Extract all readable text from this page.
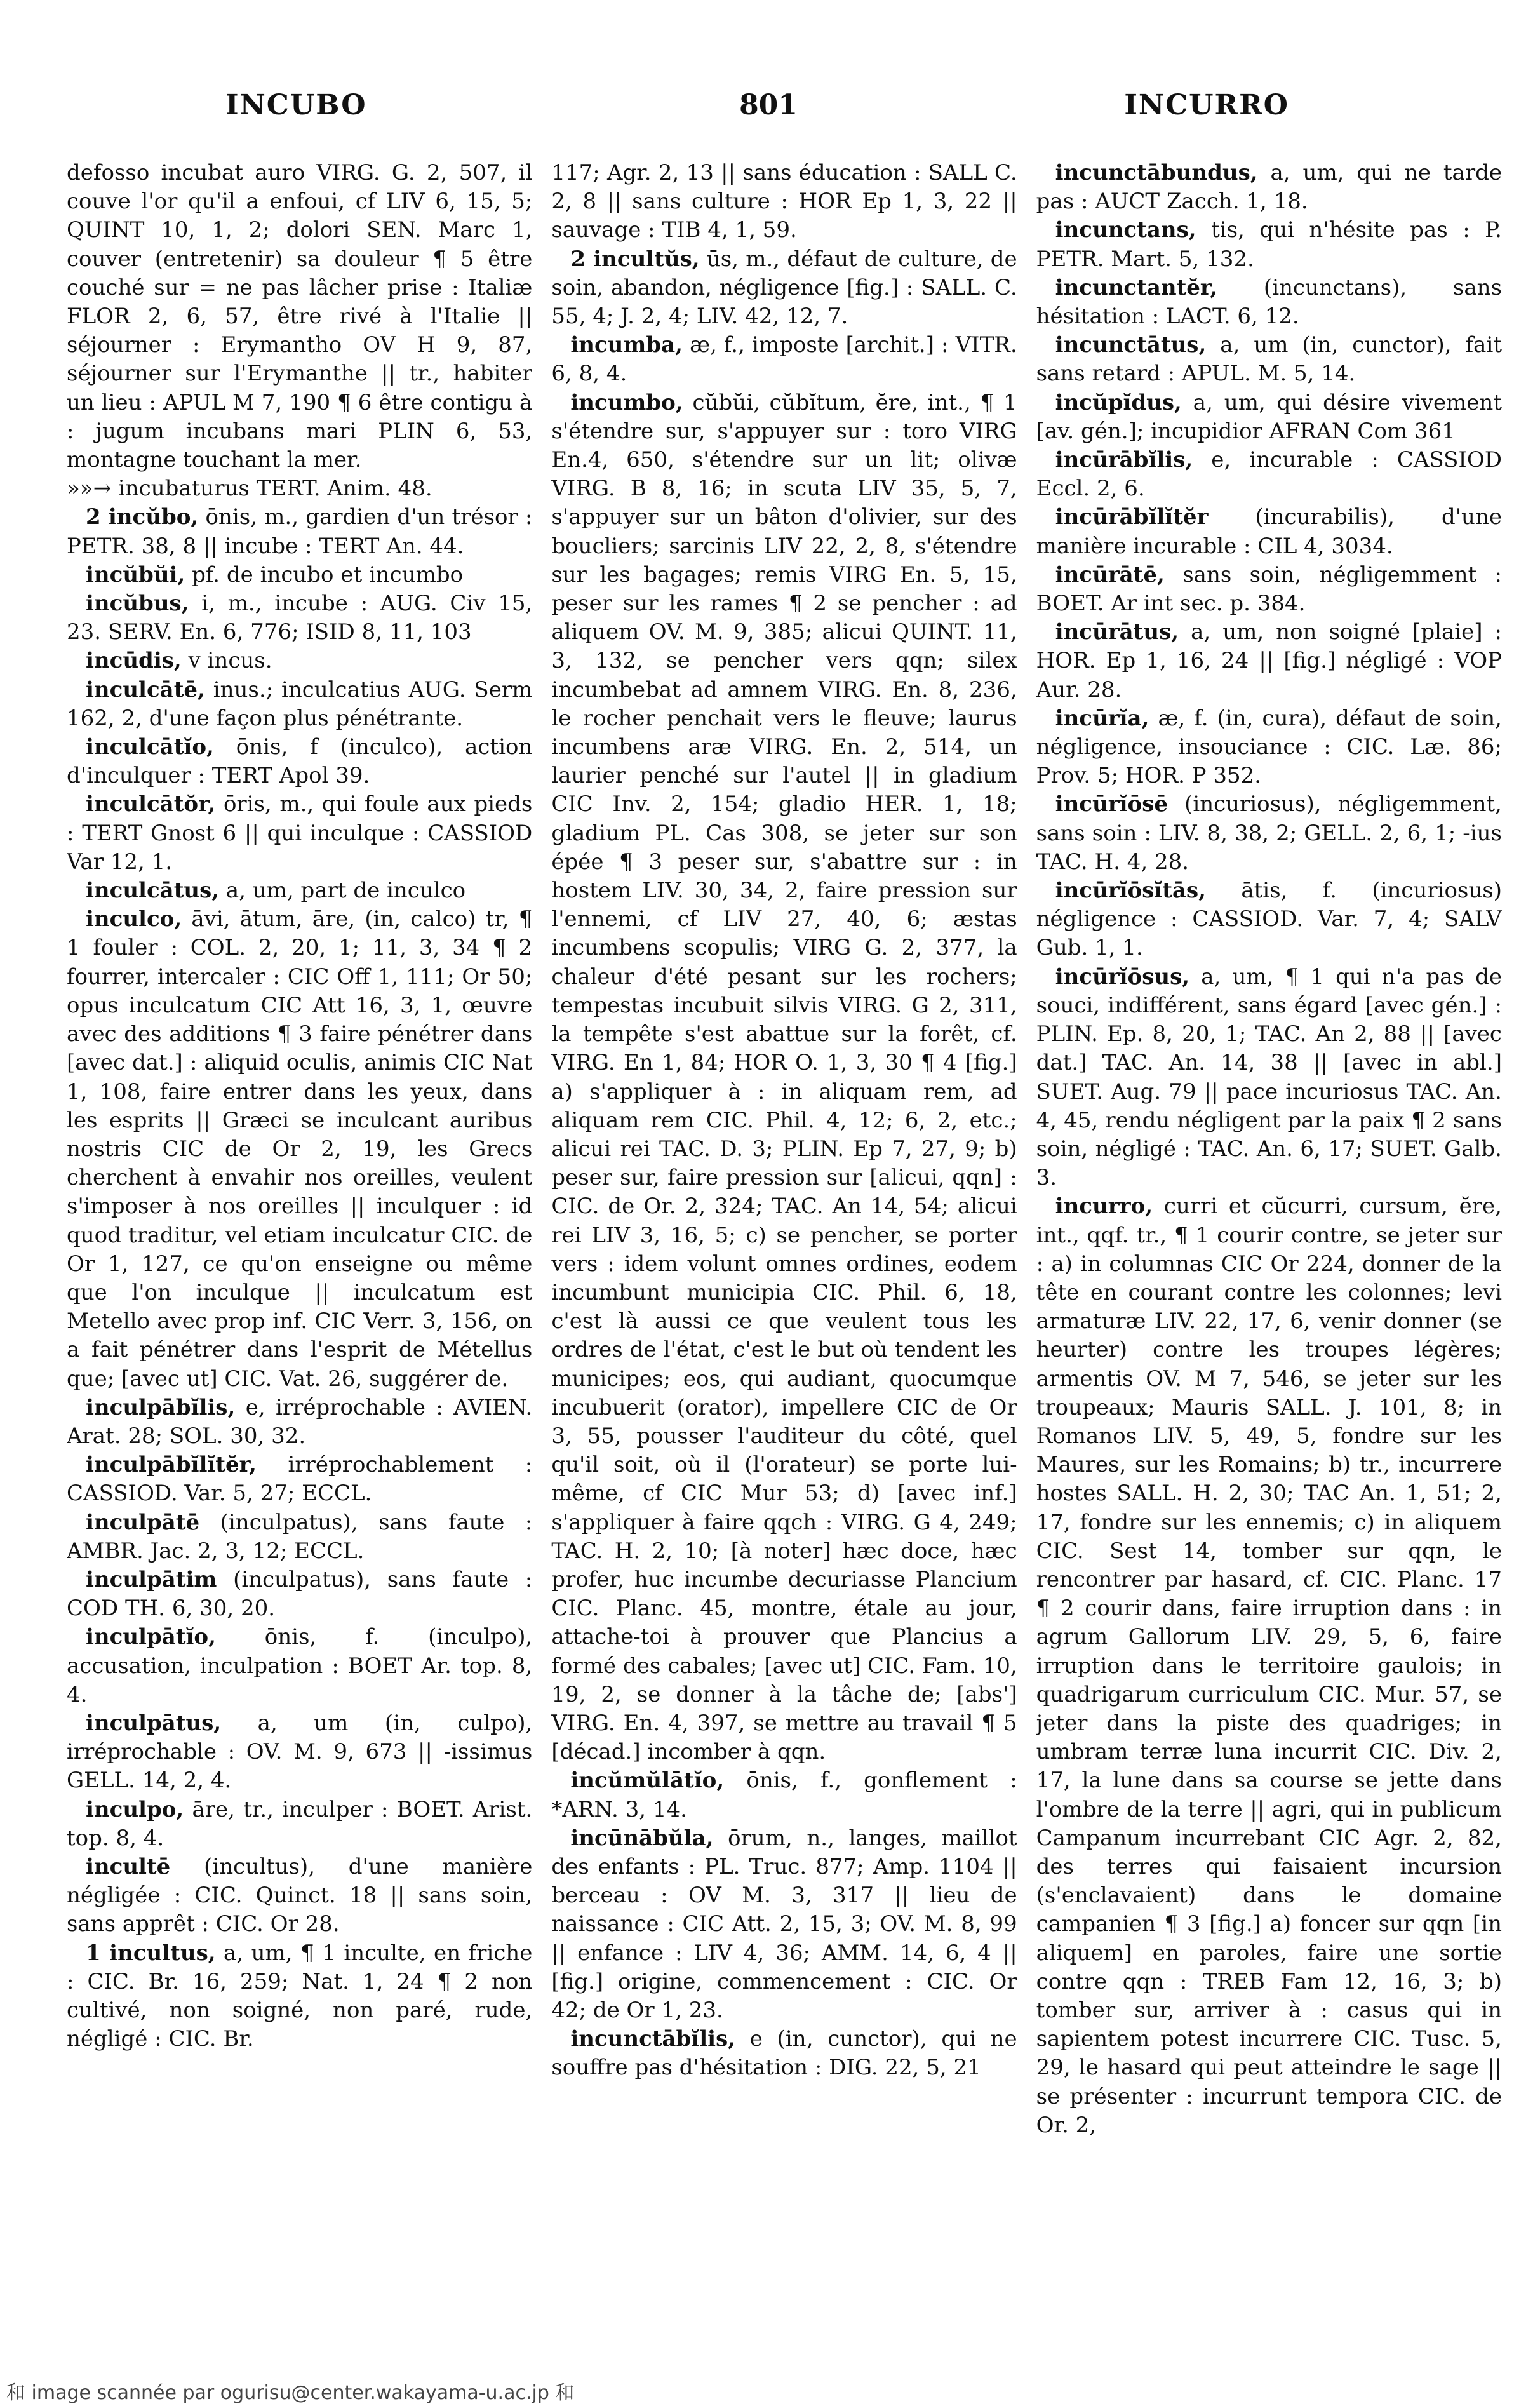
INCUBO	801	INCURRO

defosso incubat auro VIRG. G. 2, 507, il couve l'or qu'il a enfoui, cf LIV 6, 15, 5; QUINT 10, 1, 2; dolori SEN. Marc 1, couver (entretenir) sa douleur ¶ 5 être couché sur = ne pas lâcher prise : Italiæ FLOR 2, 6, 57, être rivé à l'Italie || séjourner : Erymantho OV H 9, 87, séjourner sur l'Erymanthe || tr., habiter un lieu : APUL M 7, 190 ¶ 6 être contigu à : jugum incubans mari PLIN 6, 53, montagne touchant la mer.

»»→ incubaturus TERT. Anim. 48.

2 incŭbo, ōnis, m., gardien d'un trésor : PETR. 38, 8 || incube : TERT An. 44.

incŭbŭi, pf. de incubo et incumbo

incŭbus, i, m., incube : AUG. Civ 15, 23. SERV. En. 6, 776; ISID 8, 11, 103

incūdis, v incus.

inculcātē, inus.; inculcatius AUG. Serm 162, 2, d'une façon plus pénétrante.

inculcātĭo, ōnis, f (inculco), action d'inculquer : TERT Apol 39.

inculcātŏr, ōris, m., qui foule aux pieds : TERT Gnost 6 || qui inculque : CASSIOD Var 12, 1.

inculcātus, a, um, part de inculco

inculco, āvi, ātum, āre, (in, calco) tr, ¶ 1 fouler : COL. 2, 20, 1; 11, 3, 34 ¶ 2 fourrer, intercaler : CIC Off 1, 111; Or 50; opus inculcatum CIC Att 16, 3, 1, œuvre avec des additions ¶ 3 faire pénétrer dans [avec dat.] : aliquid oculis, animis CIC Nat 1, 108, faire entrer dans les yeux, dans les esprits || Græci se inculcant auribus nostris CIC de Or 2, 19, les Grecs cherchent à envahir nos oreilles, veulent s'imposer à nos oreilles || inculquer : id quod traditur, vel etiam inculcatur CIC. de Or 1, 127, ce qu'on enseigne ou même que l'on inculque || inculcatum est Metello avec prop inf. CIC Verr. 3, 156, on a fait pénétrer dans l'esprit de Métellus que; [avec ut] CIC. Vat. 26, suggérer de.

inculpābĭlis, e, irréprochable : AVIEN. Arat. 28; SOL. 30, 32.

inculpābĭlĭtĕr, irréprochablement : CASSIOD. Var. 5, 27; ECCL.

inculpātē (inculpatus), sans faute : AMBR. Jac. 2, 3, 12; ECCL.

inculpātim (inculpatus), sans faute : COD TH. 6, 30, 20.

inculpātĭo, ōnis, f. (inculpo), accusation, inculpation : BOET Ar. top. 8, 4.

inculpātus, a, um (in, culpo), irréprochable : OV. M. 9, 673 || -issimus GELL. 14, 2, 4.

inculpo, āre, tr., inculper : BOET. Arist. top. 8, 4.

incultē (incultus), d'une manière négligée : CIC. Quinct. 18 || sans soin, sans apprêt : CIC. Or 28.

1 incultus, a, um, ¶ 1 inculte, en friche : CIC. Br. 16, 259; Nat. 1, 24 ¶ 2 non cultivé, non soigné, non paré, rude, négligé : CIC. Br.

117; Agr. 2, 13 || sans éducation : SALL C. 2, 8 || sans culture : HOR Ep 1, 3, 22 || sauvage : TIB 4, 1, 59.

2 incultŭs, ūs, m., défaut de culture, de soin, abandon, négligence [fig.] : SALL. C. 55, 4; J. 2, 4; LIV. 42, 12, 7.

incumba, æ, f., imposte [archit.] : VITR. 6, 8, 4.

incumbo, cŭbŭi, cŭbĭtum, ĕre, int., ¶ 1 s'étendre sur, s'appuyer sur : toro VIRG En.4, 650, s'étendre sur un lit; olivæ VIRG. B 8, 16; in scuta LIV 35, 5, 7, s'appuyer sur un bâton d'olivier, sur des boucliers; sarcinis LIV 22, 2, 8, s'étendre sur les bagages; remis VIRG En. 5, 15, peser sur les rames ¶ 2 se pencher : ad aliquem OV. M. 9, 385; alicui QUINT. 11, 3, 132, se pencher vers qqn; silex incumbebat ad amnem VIRG. En. 8, 236, le rocher penchait vers le fleuve; laurus incumbens aræ VIRG. En. 2, 514, un laurier penché sur l'autel || in gladium CIC Inv. 2, 154; gladio HER. 1, 18; gladium PL. Cas 308, se jeter sur son épée ¶ 3 peser sur, s'abattre sur : in hostem LIV. 30, 34, 2, faire pression sur l'ennemi, cf LIV 27, 40, 6; æstas incumbens scopulis; VIRG G. 2, 377, la chaleur d'été pesant sur les rochers; tempestas incubuit silvis VIRG. G 2, 311, la tempête s'est abattue sur la forêt, cf. VIRG. En 1, 84; HOR O. 1, 3, 30 ¶ 4 [fig.] a) s'appliquer à : in aliquam rem, ad aliquam rem CIC. Phil. 4, 12; 6, 2, etc.; alicui rei TAC. D. 3; PLIN. Ep 7, 27, 9; b) peser sur, faire pression sur [alicui, qqn] : CIC. de Or. 2, 324; TAC. An 14, 54; alicui rei LIV 3, 16, 5; c) se pencher, se porter vers : idem volunt omnes ordines, eodem incumbunt municipia CIC. Phil. 6, 18, c'est là aussi ce que veulent tous les ordres de l'état, c'est le but où tendent les municipes; eos, qui audiant, quocumque incubuerit (orator), impellere CIC de Or 3, 55, pousser l'auditeur du côté, quel qu'il soit, où il (l'orateur) se porte lui-même, cf CIC Mur 53; d) [avec inf.] s'appliquer à faire qqch : VIRG. G 4, 249; TAC. H. 2, 10; [à noter] hæc doce, hæc profer, huc incumbe decuriasse Plancium CIC. Planc. 45, montre, étale au jour, attache-toi à prouver que Plancius a formé des cabales; [avec ut] CIC. Fam. 10, 19, 2, se donner à la tâche de; [abs'] VIRG. En. 4, 397, se mettre au travail ¶ 5 [décad.] incomber à qqn.

incŭmŭlātĭo, ōnis, f., gonflement : *ARN. 3, 14.

incūnābŭla, ōrum, n., langes, maillot des enfants : PL. Truc. 877; Amp. 1104 || berceau : OV M. 3, 317 || lieu de naissance : CIC Att. 2, 15, 3; OV. M. 8, 99 || enfance : LIV 4, 36; AMM. 14, 6, 4 || [fig.] origine, commencement : CIC. Or 42; de Or 1, 23.

incunctābĭlis, e (in, cunctor), qui ne souffre pas d'hésitation : DIG. 22, 5, 21

incunctābundus, a, um, qui ne tarde pas : AUCT Zacch. 1, 18.

incunctans, tis, qui n'hésite pas : P. PETR. Mart. 5, 132.

incunctantĕr, (incunctans), sans hésitation : LACT. 6, 12.

incunctātus, a, um (in, cunctor), fait sans retard : APUL. M. 5, 14.

incŭpĭdus, a, um, qui désire vivement [av. gén.]; incupidior AFRAN Com 361

incūrābĭlis, e, incurable : CASSIOD Eccl. 2, 6.

incūrābĭlĭtĕr (incurabilis), d'une manière incurable : CIL 4, 3034.

incūrātē, sans soin, négligemment : BOET. Ar int sec. p. 384.

incūrātus, a, um, non soigné [plaie] : HOR. Ep 1, 16, 24 || [fig.] négligé : VOP Aur. 28.

incūrĭa, æ, f. (in, cura), défaut de soin, négligence, insouciance : CIC. Læ. 86; Prov. 5; HOR. P 352.

incūrĭōsē (incuriosus), négligemment, sans soin : LIV. 8, 38, 2; GELL. 2, 6, 1; -ius TAC. H. 4, 28.

incūrĭōsĭtās, ātis, f. (incuriosus) négligence : CASSIOD. Var. 7, 4; SALV Gub. 1, 1.

incūrĭōsus, a, um, ¶ 1 qui n'a pas de souci, indifférent, sans égard [avec gén.] : PLIN. Ep. 8, 20, 1; TAC. An 2, 88 || [avec dat.] TAC. An. 14, 38 || [avec in abl.] SUET. Aug. 79 || pace incuriosus TAC. An. 4, 45, rendu négligent par la paix ¶ 2 sans soin, négligé : TAC. An. 6, 17; SUET. Galb. 3.

incurro, curri et cŭcurri, cursum, ĕre, int., qqf. tr., ¶ 1 courir contre, se jeter sur : a) in columnas CIC Or 224, donner de la tête en courant contre les colonnes; levi armaturæ LIV. 22, 17, 6, venir donner (se heurter) contre les troupes légères; armentis OV. M 7, 546, se jeter sur les troupeaux; Mauris SALL. J. 101, 8; in Romanos LIV. 5, 49, 5, fondre sur les Maures, sur les Romains; b) tr., incurrere hostes SALL. H. 2, 30; TAC An. 1, 51; 2, 17, fondre sur les ennemis; c) in aliquem CIC. Sest 14, tomber sur qqn, le rencontrer par hasard, cf. CIC. Planc. 17 ¶ 2 courir dans, faire irruption dans : in agrum Gallorum LIV. 29, 5, 6, faire irruption dans le territoire gaulois; in quadrigarum curriculum CIC. Mur. 57, se jeter dans la piste des quadriges; in umbram terræ luna incurrit CIC. Div. 2, 17, la lune dans sa course se jette dans l'ombre de la terre || agri, qui in publicum Campanum incurrebant CIC Agr. 2, 82, des terres qui faisaient incursion (s'enclavaient) dans le domaine campanien ¶ 3 [fig.] a) foncer sur qqn [in aliquem] en paroles, faire une sortie contre qqn : TREB Fam 12, 16, 3; b) tomber sur, arriver à : casus qui in sapientem potest incurrere CIC. Tusc. 5, 29, le hasard qui peut atteindre le sage || se présenter : incurrunt tempora CIC. de Or. 2,

和 image scannée par ogurisu@center.wakayama-u.ac.jp 和
